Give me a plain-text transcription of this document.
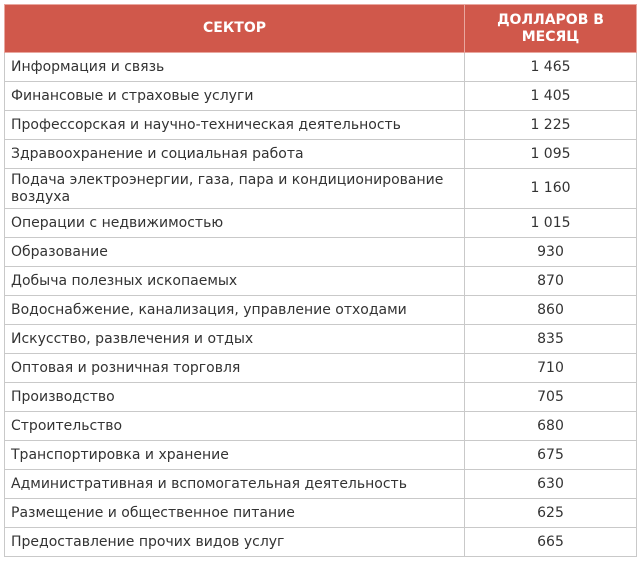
СЕКТОР	ДОЛЛАРОВ В МЕСЯЦ
Информация и связь	1 465
Финансовые и страховые услуги	1 405
Профессорская и научно-техническая деятельность	1 225
Здравоохранение и социальная работа	1 095
Подача электроэнергии, газа, пара и кондиционирование воздуха	1 160
Операции с недвижимостью	1 015
Образование	930
Добыча полезных ископаемых	870
Водоснабжение, канализация, управление отходами	860
Искусство, развлечения и отдых	835
Оптовая и розничная торговля	710
Производство	705
Строительство	680
Транспортировка и хранение	675
Административная и вспомогательная деятельность	630
Размещение и общественное питание	625
Предоставление прочих видов услуг	665
